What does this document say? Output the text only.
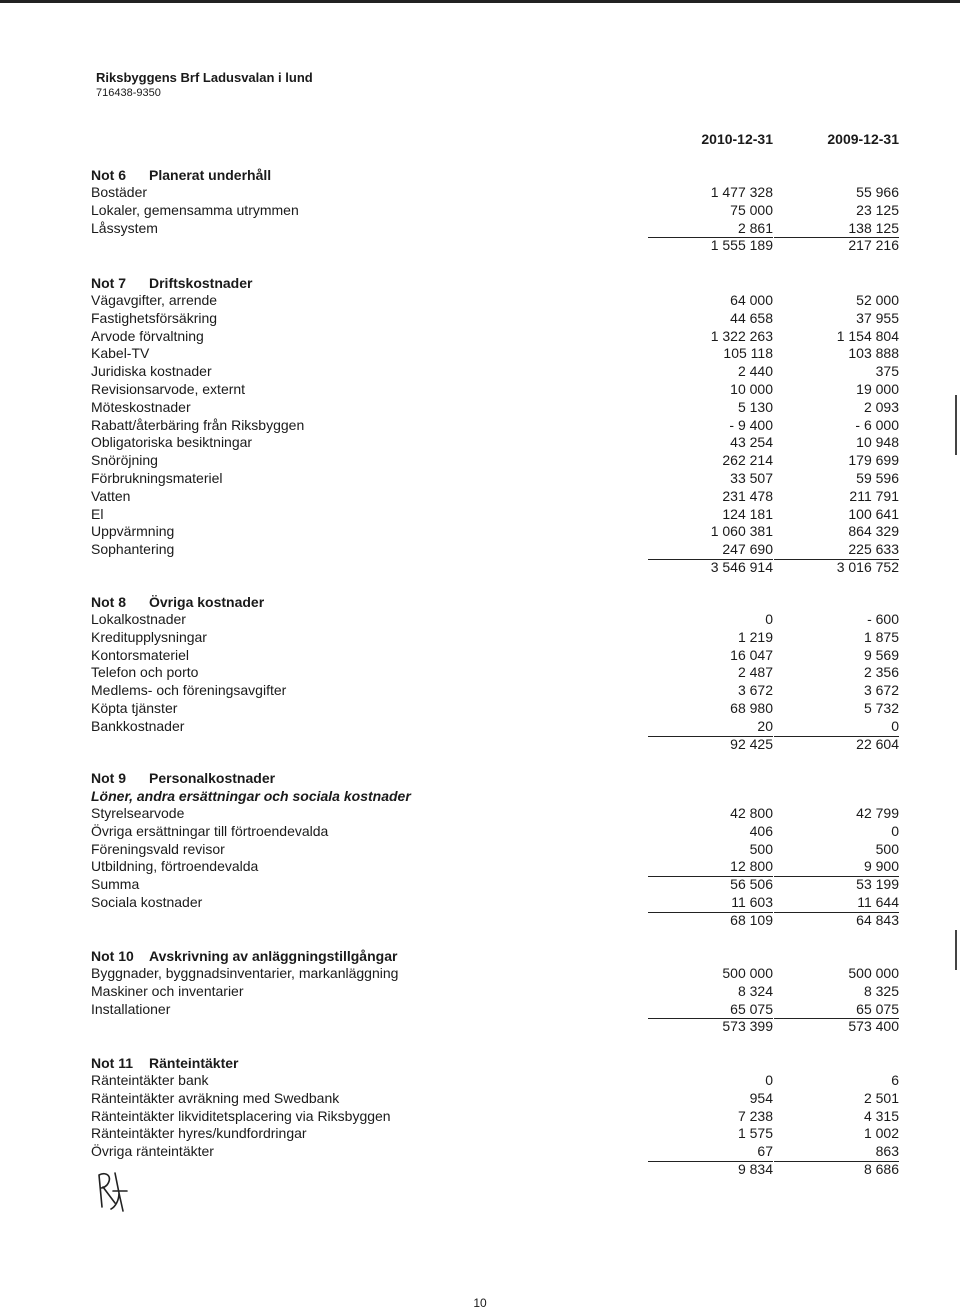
Riksbyggens Brf Ladusvalan i lund
716438-9350
2010-12-31	2009-12-31
Not 6 Planerat underhåll
Bostäder	1 477 328	55 966
Lokaler, gemensamma utrymmen	75 000	23 125
Låssystem	2 861	138 125
1 555 189	217 216
Not 7 Driftskostnader
Vägavgifter, arrende	64 000	52 000
Fastighetsförsäkring	44 658	37 955
Arvode förvaltning	1 322 263	1 154 804
Kabel-TV	105 118	103 888
Juridiska kostnader	2 440	375
Revisionsarvode, externt	10 000	19 000
Möteskostnader	5 130	2 093
Rabatt/återbäring från Riksbyggen	- 9 400	- 6 000
Obligatoriska besiktningar	43 254	10 948
Snöröjning	262 214	179 699
Förbrukningsmateriel	33 507	59 596
Vatten	231 478	211 791
El	124 181	100 641
Uppvärmning	1 060 381	864 329
Sophantering	247 690	225 633
3 546 914	3 016 752
Not 8 Övriga kostnader
Lokalkostnader	0	- 600
Kreditupplysningar	1 219	1 875
Kontorsmateriel	16 047	9 569
Telefon och porto	2 487	2 356
Medlems- och föreningsavgifter	3 672	3 672
Köpta tjänster	68 980	5 732
Bankkostnader	20	0
92 425	22 604
Not 9 Personalkostnader
Löner, andra ersättningar och sociala kostnader
Styrelsearvode	42 800	42 799
Övriga ersättningar till förtroendevalda	406	0
Föreningsvald revisor	500	500
Utbildning, förtroendevalda	12 800	9 900
Summa	56 506	53 199
Sociala kostnader	11 603	11 644
68 109	64 843
Not 10 Avskrivning av anläggningstillgångar
Byggnader, byggnadsinventarier, markanläggning	500 000	500 000
Maskiner och inventarier	8 324	8 325
Installationer	65 075	65 075
573 399	573 400
Not 11 Ränteintäkter
Ränteintäkter bank	0	6
Ränteintäkter avräkning med Swedbank	954	2 501
Ränteintäkter likviditetsplacering via Riksbyggen	7 238	4 315
Ränteintäkter hyres/kundfordringar	1 575	1 002
Övriga ränteintäkter	67	863
9 834	8 686
10
